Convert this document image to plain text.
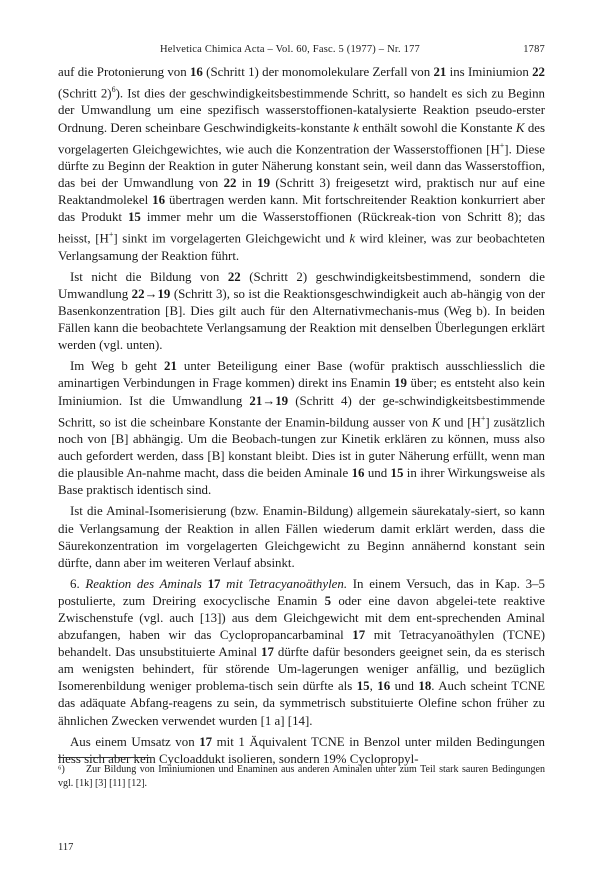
Helvetica Chimica Acta – Vol. 60, Fasc. 5 (1977) – Nr. 177	1787

auf die Protonierung von 16 (Schritt 1) der monomolekulare Zerfall von 21 ins Iminiumion 22 (Schritt 2)$^6$). Ist dies der geschwindigkeitsbestimmende Schritt, so handelt es sich zu Beginn der Umwandlung um eine spezifisch wasserstoffionen-katalysierte Reaktion pseudo-erster Ordnung. Deren scheinbare Geschwindigkeits-konstante k enthält sowohl die Konstante K des vorgelagerten Gleichgewichtes, wie auch die Konzentration der Wasserstoffionen [H+]. Diese dürfte zu Beginn der Reaktion in guter Näherung konstant sein, weil dann das Wasserstoffion, das bei der Umwandlung von 22 in 19 (Schritt 3) freigesetzt wird, praktisch nur auf eine Reaktandmolekel 16 übertragen werden kann. Mit fortschreitender Reaktion konkurriert aber das Produkt 15 immer mehr um die Wasserstoffionen (Rückreak-tion von Schritt 8); das heisst, [H+] sinkt im vorgelagerten Gleichgewicht und k wird kleiner, was zur beobachteten Verlangsamung der Reaktion führt.

Ist nicht die Bildung von 22 (Schritt 2) geschwindigkeitsbestimmend, sondern die Umwandlung 22→19 (Schritt 3), so ist die Reaktionsgeschwindigkeit auch ab-hängig von der Basenkonzentration [B]. Dies gilt auch für den Alternativmechanis-mus (Weg b). In beiden Fällen kann die beobachtete Verlangsamung der Reaktion mit denselben Überlegungen erklärt werden (vgl. unten).

Im Weg b geht 21 unter Beteiligung einer Base (wofür praktisch ausschliesslich die aminartigen Verbindungen in Frage kommen) direkt ins Enamin 19 über; es entsteht also kein Iminiumion. Ist die Umwandlung 21→19 (Schritt 4) der ge-schwindigkeitsbestimmende Schritt, so ist die scheinbare Konstante der Enamin-bildung ausser von K und [H+] zusätzlich noch von [B] abhängig. Um die Beobach-tungen zur Kinetik erklären zu können, muss also auch gefordert werden, dass [B] konstant bleibt. Dies ist in guter Näherung erfüllt, wenn man die plausible An-nahme macht, dass die beiden Aminale 16 und 15 in ihrer Wirkungsweise als Base praktisch identisch sind.

Ist die Aminal-Isomerisierung (bzw. Enamin-Bildung) allgemein säurekataly-siert, so kann die Verlangsamung der Reaktion in allen Fällen wiederum damit erklärt werden, dass die Säurekonzentration im vorgelagerten Gleichgewicht zu Beginn annähernd konstant sein dürfte, dann aber im weiteren Verlauf absinkt.

6. Reaktion des Aminals 17 mit Tetracyanoäthylen. In einem Versuch, das in Kap. 3–5 postulierte, zum Dreiring exocyclische Enamin 5 oder eine davon abgelei-tete reaktive Zwischenstufe (vgl. auch [13]) aus dem Gleichgewicht mit dem ent-sprechenden Aminal abzufangen, haben wir das Cyclopropancarbaminal 17 mit Tetracyanoäthylen (TCNE) behandelt. Das unsubstituierte Aminal 17 dürfte dafür besonders geeignet sein, da es sterisch am wenigsten behindert, für störende Um-lagerungen weniger anfällig, und bezüglich Isomerenbildung weniger problema-tisch sein dürfte als 15, 16 und 18. Auch scheint TCNE das adäquate Abfang-reagens zu sein, da symmetrisch substituierte Olefine schon früher zu ähnlichen Zwecken verwendet wurden [1 a] [14].

Aus einem Umsatz von 17 mit 1 Äquivalent TCNE in Benzol unter milden Bedingungen liess sich aber kein Cycloaddukt isolieren, sondern 19% Cyclopropyl-

⁶) Zur Bildung von Iminiumionen und Enaminen aus anderen Aminalen unter zum Teil stark sauren Bedingungen vgl. [1k] [3] [11] [12].
117
